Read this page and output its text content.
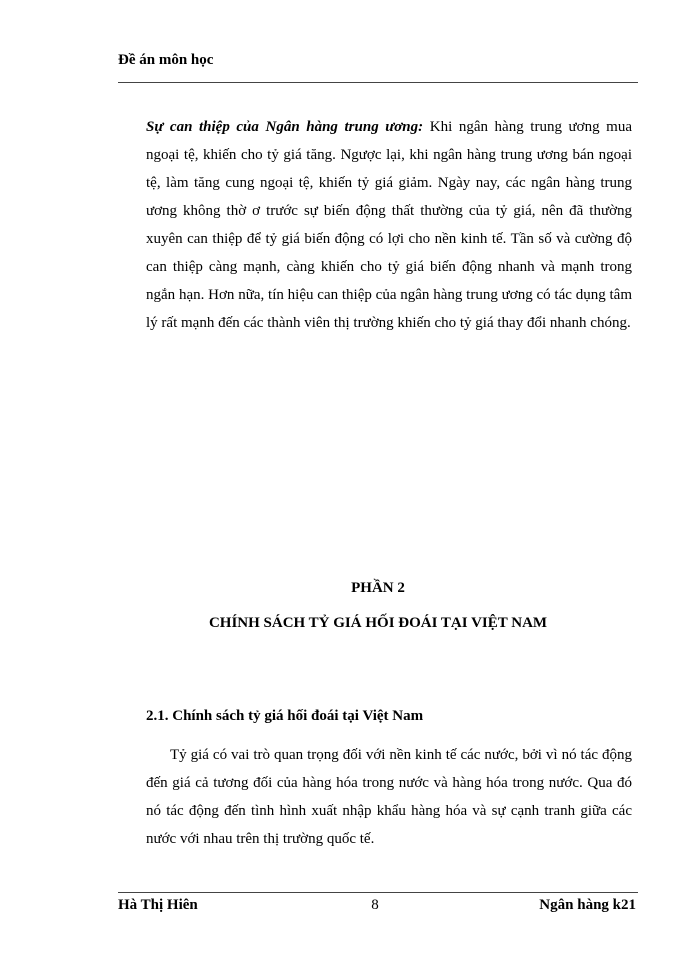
Đề án môn học

Sự can thiệp của Ngân hàng trung ương: Khi ngân hàng trung ương mua ngoại tệ, khiến cho tỷ giá tăng. Ngược lại, khi ngân hàng trung ương bán ngoại tệ, làm tăng cung ngoại tệ, khiến tỷ giá giảm. Ngày nay, các ngân hàng trung ương không thờ ơ trước sự biến động thất thường của tỷ giá, nên đã thường xuyên can thiệp để tỷ giá biến động có lợi cho nền kinh tế. Tần số và cường độ can thiệp càng mạnh, càng khiến cho tỷ giá biến động nhanh và mạnh trong ngắn hạn. Hơn nữa, tín hiệu can thiệp của ngân hàng trung ương có tác dụng tâm lý rất mạnh đến các thành viên thị trường khiến cho tỷ giá thay đổi nhanh chóng.

PHẦN 2
CHÍNH SÁCH TỶ GIÁ HỐI ĐOÁI TẠI VIỆT NAM
2.1. Chính sách tỷ giá hối đoái tại Việt Nam

Tỷ giá có vai trò quan trọng đối với nền kinh tế các nước, bởi vì nó tác động đến giá cả tương đối của hàng hóa trong nước và hàng hóa trong nước. Qua đó nó tác động đến tình hình xuất nhập khẩu hàng hóa và sự cạnh tranh giữa các nước với nhau trên thị trường quốc tế.

Hà Thị Hiên	8	Ngân hàng k21
